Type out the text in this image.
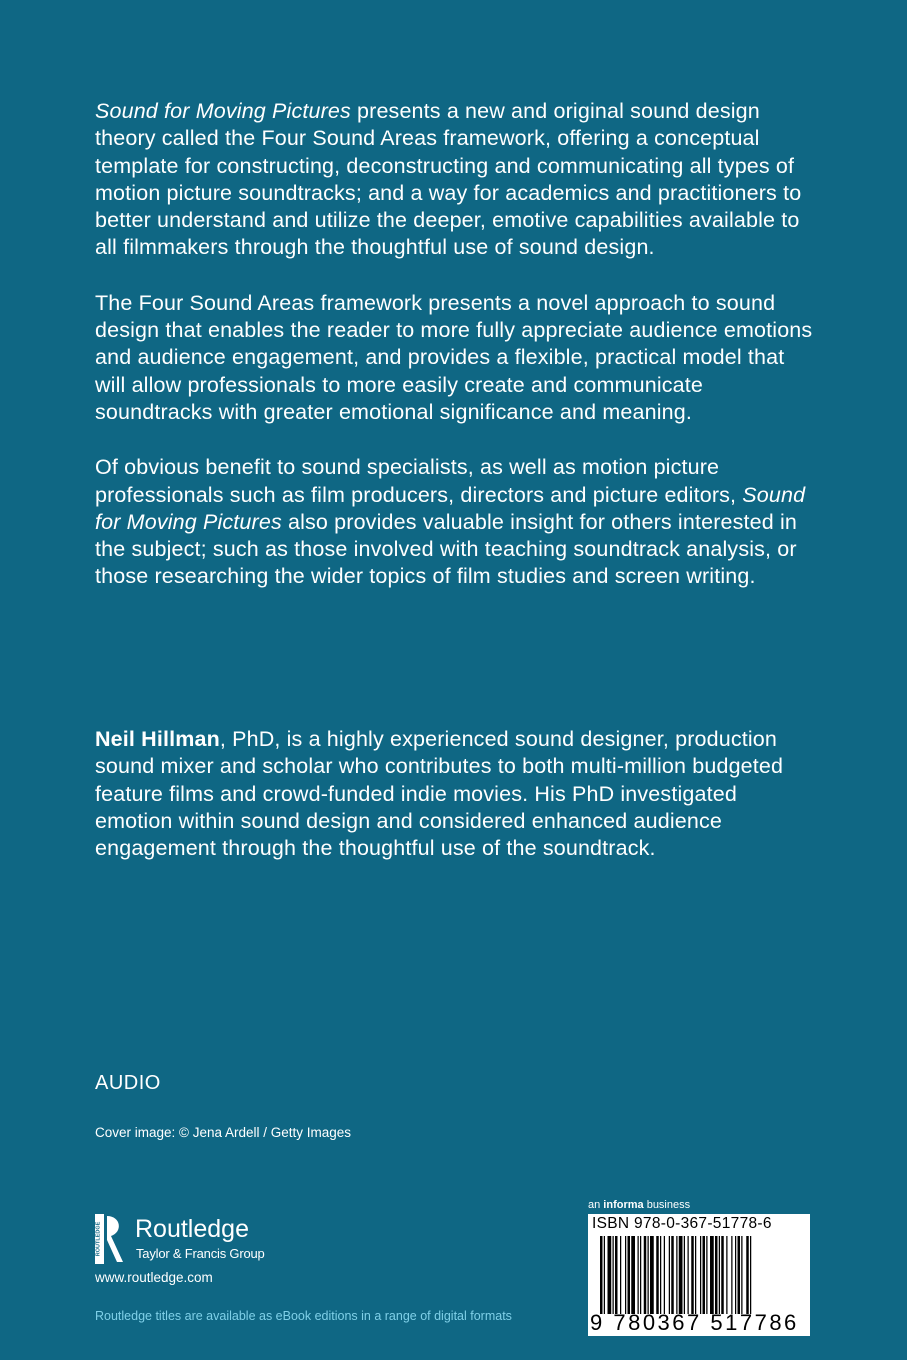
Sound for Moving Pictures presents a new and original sound design theory called the Four Sound Areas framework, offering a conceptual template for constructing, deconstructing and communicating all types of motion picture soundtracks; and a way for academics and practitioners to better understand and utilize the deeper, emotive capabilities available to all filmmakers through the thoughtful use of sound design.

The Four Sound Areas framework presents a novel approach to sound design that enables the reader to more fully appreciate audience emotions and audience engagement, and provides a flexible, practical model that will allow professionals to more easily create and communicate soundtracks with greater emotional significance and meaning.

Of obvious benefit to sound specialists, as well as motion picture professionals such as film producers, directors and picture editors, Sound for Moving Pictures also provides valuable insight for others interested in the subject; such as those involved with teaching soundtrack analysis, or those researching the wider topics of film studies and screen writing.

Neil Hillman, PhD, is a highly experienced sound designer, production sound mixer and scholar who contributes to both multi-million budgeted feature films and crowd-funded indie movies. His PhD investigated emotion within sound design and considered enhanced audience engagement through the thoughtful use of the soundtrack.
AUDIO
Cover image: © Jena Ardell / Getty Images
ROUTLEDGE Routledge
Taylor & Francis Group
www.routledge.com
Routledge titles are available as eBook editions in a range of digital formats
an informa business
ISBN 978-0-367-51778-6
9 780367 517786
